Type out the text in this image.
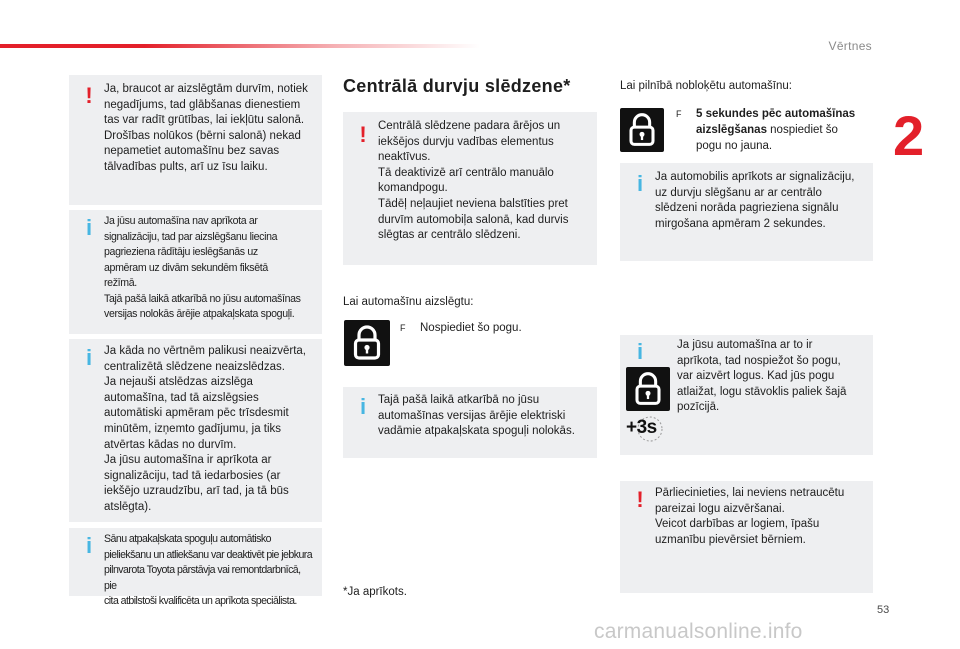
Vērtnes
2
! Ja, braucot ar aizslēgtām durvīm, notiek
negadījums, tad glābšanas dienestiem
tas var radīt grūtības, lai iekļūtu salonā.
Drošības nolūkos (bērni salonā) nekad
nepametiet automašīnu bez savas
tālvadības pults, arī uz īsu laiku.
i Ja jūsu automašīna nav aprīkota ar
signalizāciju, tad par aizslēgšanu liecina
pagrieziena rādītāju ieslēgšanās uz
apmēram uz divām sekundēm fiksētā
režīmā.
Tajā pašā laikā atkarībā no jūsu automašīnas
versijas nolokās ārējie atpakaļskata spoguļi.
i Ja kāda no vērtnēm palikusi neaizvērta,
centralizētā slēdzene neaizslēdzas.
Ja nejauši atslēdzas aizslēga
automašīna, tad tā aizslēgsies
automātiski apmēram pēc trīsdesmit
minūtēm, izņemto gadījumu, ja tiks
atvērtas kādas no durvīm.
Ja jūsu automašīna ir aprīkota ar
signalizāciju, tad tā iedarbosies (ar
iekšējo uzraudzību, arī tad, ja tā būs
atslēgta).
i Sānu atpakaļskata spoguļu automātisko
pieliekšanu un atliekšanu var deaktivēt pie jebkura
pilnvarota Toyota pārstāvja vai remontdarbnīcā, pie
cita atbilstoši kvalificēta un aprīkota speciālista.
Centrālā durvju slēdzene*
! Centrālā slēdzene padara ārējos un
iekšējos durvju vadības elementus
neaktīvus.
Tā deaktivizē arī centrālo manuālo
komandpogu.
Tādēļ neļaujiet neviena balstīties pret
durvīm automobiļa salonā, kad durvis
slēgtas ar centrālo slēdzeni.
Lai automašīnu aizslēgtu:
F	Nospiediet šo pogu.
i Tajā pašā laikā atkarībā no jūsu
automašīnas versijas ārējie elektriski
vadāmie atpakaļskata spoguļi nolokās.
*Ja aprīkots.
Lai pilnībā nobloķētu automašīnu:
F	5 sekundes pēc automašīnas
aizslēgšanas nospiediet šo
pogu no jauna.
i Ja automobilis aprīkots ar signalizāciju,
uz durvju slēgšanu ar ar centrālo
slēdzeni norāda pagrieziena signālu
mirgošana apmēram 2 sekundes.
i	Ja jūsu automašīna ar to ir
aprīkota, tad nospiežot šo pogu,
var aizvērt logus. Kad jūs pogu
atlaižat, logu stāvoklis paliek šajā
pozīcijā.
+3s
! Pārliecinieties, lai neviens netraucētu
pareizai logu aizvēršanai.
Veicot darbības ar logiem, īpašu
uzmanību pievērsiet bērniem.
53
carmanualsonline.info
